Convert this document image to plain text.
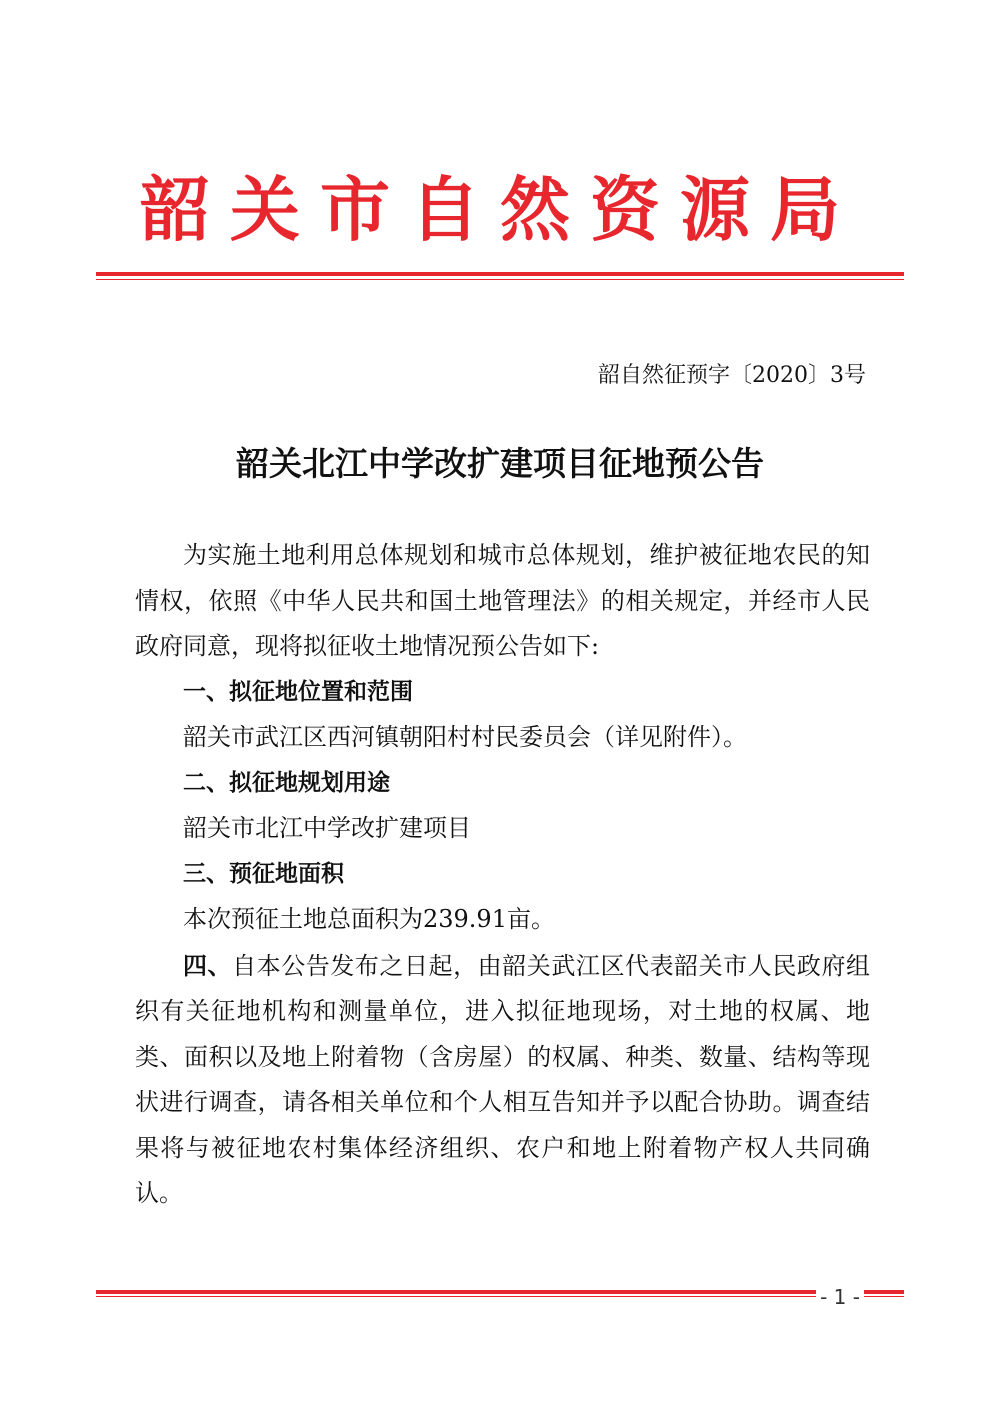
韶关市自然资源局
韶自然征预字〔2020〕3号
韶关北江中学改扩建项目征地预公告

为实施土地利用总体规划和城市总体规划，维护被征地农民的知情权，依照《中华人民共和国土地管理法》的相关规定，并经市人民政府同意，现将拟征收土地情况预公告如下:

一、拟征地位置和范围

韶关市武江区西河镇朝阳村村民委员会（详见附件）。

二、拟征地规划用途

韶关市北江中学改扩建项目

三、预征地面积

本次预征土地总面积为239.91亩。

四、自本公告发布之日起，由韶关武江区代表韶关市人民政府组织有关征地机构和测量单位，进入拟征地现场，对土地的权属、地类、面积以及地上附着物（含房屋）的权属、种类、数量、结构等现状进行调查，请各相关单位和个人相互告知并予以配合协助。调查结果将与被征地农村集体经济组织、农户和地上附着物产权人共同确认。

- 1 -
